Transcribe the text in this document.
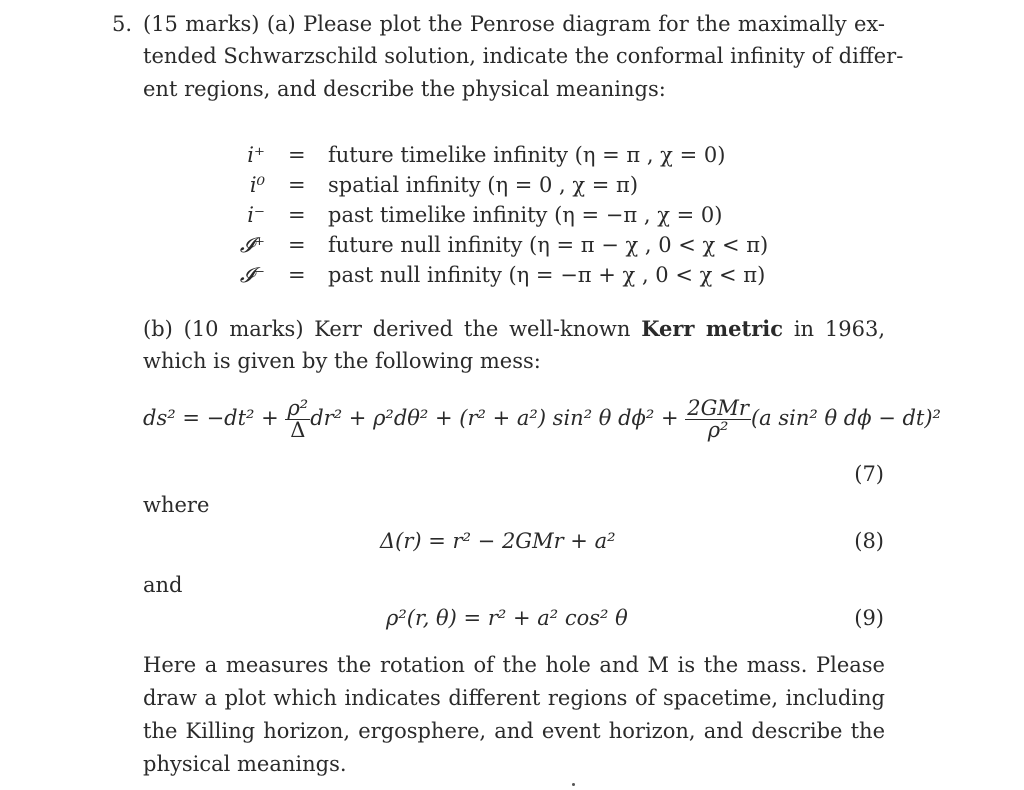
5. (15 marks) (a) Please plot the Penrose diagram for the maximally ex-
tended Schwarzschild solution, indicate the conformal infinity of differ-
ent regions, and describe the physical meanings:
i⁺ = future timelike infinity (η = π , χ = 0)
i⁰ = spatial infinity (η = 0 , χ = π)
i⁻ = past timelike infinity (η = −π , χ = 0)
𝓘⁺ = future null infinity (η = π − χ , 0 < χ < π)
𝓘⁻ = past null infinity (η = −π + χ , 0 < χ < π)
(b) (10 marks) Kerr derived the well-known Kerr metric in 1963,
which is given by the following mess:
$ds^2 = -dt^2 + \frac{\text{ρ²}}{\Delta} dr^2 + \rho^2d\theta^2 + (r^2 + a^2)$ sin² θ $d\phi^2 + \frac{\text{2GMr}}{\text{ρ²}} (a$ sin² θ dϕ − dt)²
(7)
where
Δ(r) = r² − 2GMr + a²	(8)
and
ρ²(r, θ) = r² + a² cos² θ	(9)
Here a measures the rotation of the hole and M is the mass. Please
draw a plot which indicates different regions of spacetime, including
the Killing horizon, ergosphere, and event horizon, and describe the
physical meanings.
